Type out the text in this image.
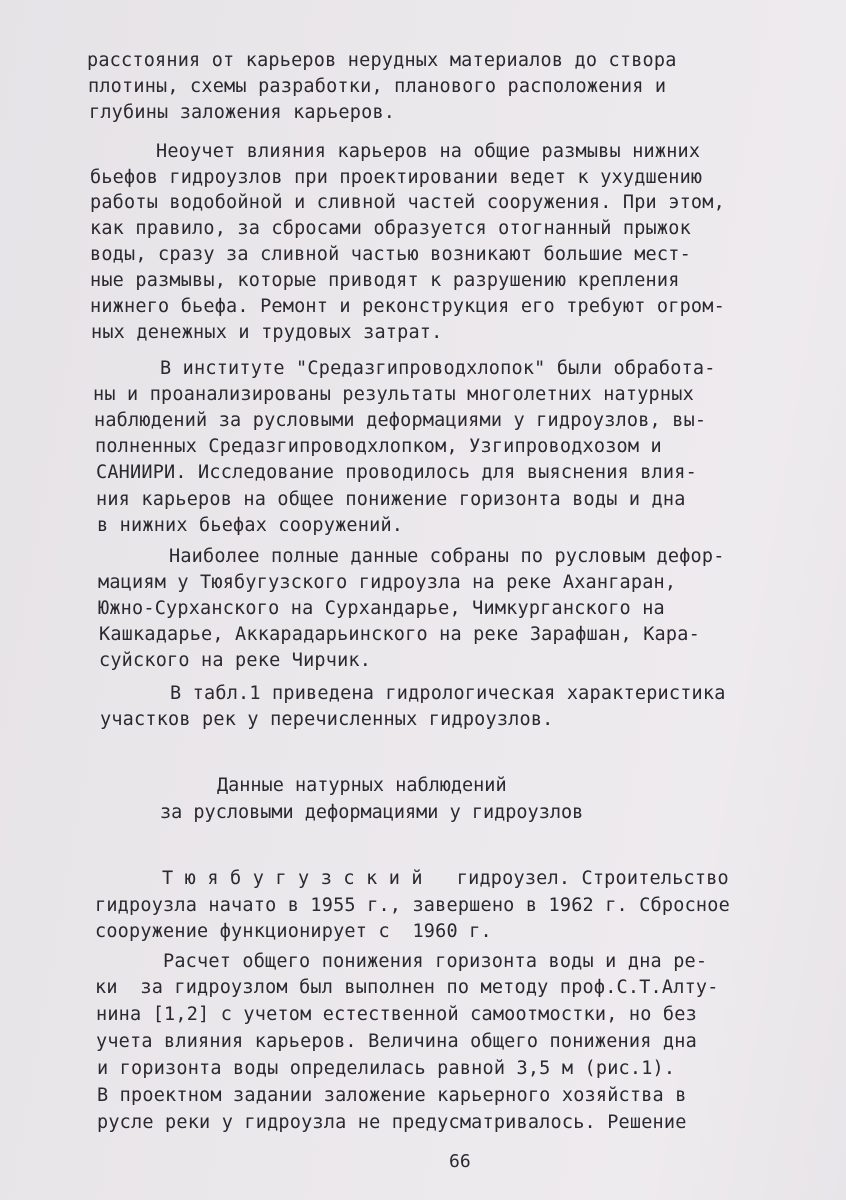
расстояния от карьеров нерудных материалов до створа
плотины, схемы разработки, планового расположения и
глубины заложения карьеров.
Неоучет влияния карьеров на общие размывы нижних
бьефов гидроузлов при проектировании ведет к ухудшению
работы водобойной и сливной частей сооружения. При этом,
как правило, за сбросами образуется отогнанный прыжок
воды, сразу за сливной частью возникают большие мест-
ные размывы, которые приводят к разрушению крепления
нижнего бьефа. Ремонт и реконструкция его требуют огром-
ных денежных и трудовых затрат.
В институте "Средазгипроводхлопок" были обработа-
ны и проанализированы результаты многолетних натурных
наблюдений за русловыми деформациями у гидроузлов, вы-
полненных Средазгипроводхлопком, Узгипроводхозом и
САНИИРИ. Исследование проводилось для выяснения влия-
ния карьеров на общее понижение горизонта воды и дна
в нижних бьефах сооружений.
Наиболее полные данные собраны по русловым дефор-
мациям у Тюябугузского гидроузла на реке Ахангаран,
Южно-Сурханского на Сурхандарье, Чимкурганского на
Кашкадарье, Аккарадарьинского на реке Зарафшан, Кара-
суйского на реке Чирчик.
В табл.1 приведена гидрологическая характеристика
участков рек у перечисленных гидроузлов.
Данные натурных наблюдений
за русловыми деформациями у гидроузлов
Т ю я б у г у з с к и й   гидроузел. Строительство
гидроузла начато в 1955 г., завершено в 1962 г. Сбросное
сооружение функционирует с  1960 г.
Расчет общего понижения горизонта воды и дна ре-
ки  за гидроузлом был выполнен по методу проф.С.Т.Алту-
нина [1,2] с учетом естественной самоотмостки, но без
учета влияния карьеров. Величина общего понижения дна
и горизонта воды определилась равной 3,5 м (рис.1).
В проектном задании заложение карьерного хозяйства в
русле реки у гидроузла не предусматривалось. Решение
66
